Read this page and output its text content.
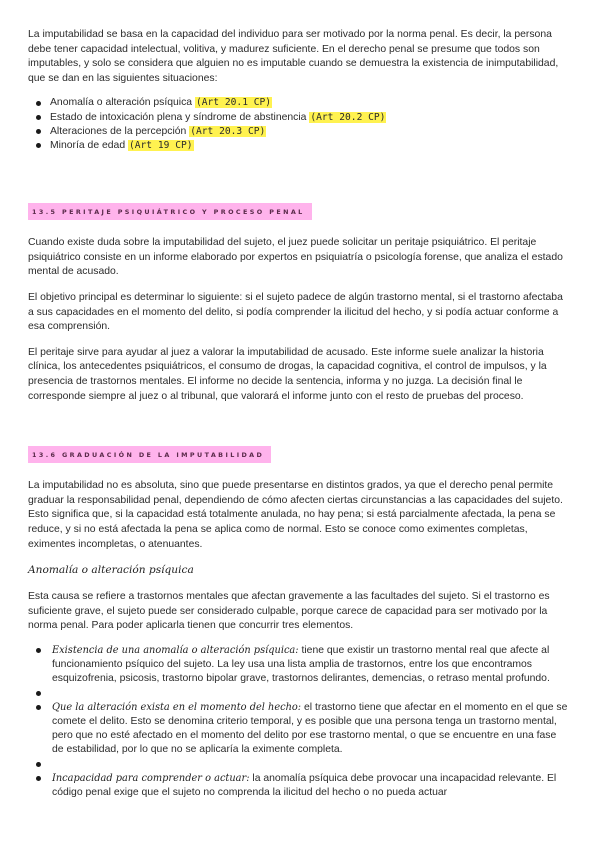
La imputabilidad se basa en la capacidad del individuo para ser motivado por la norma penal. Es decir, la persona debe tener capacidad intelectual, volitiva, y madurez suficiente. En el derecho penal se presume que todos son imputables, y solo se considera que alguien no es imputable cuando se demuestra la existencia de inimputabilidad, que se dan en las siguientes situaciones:

Anomalía o alteración psíquica (Art 20.1 CP)
Estado de intoxicación plena y síndrome de abstinencia (Art 20.2 CP)
Alteraciones de la percepción (Art 20.3 CP)
Minoría de edad (Art 19 CP)
13.5 PERITAJE PSIQUIÁTRICO Y PROCESO PENAL

Cuando existe duda sobre la imputabilidad del sujeto, el juez puede solicitar un peritaje psiquiátrico. El peritaje psiquiátrico consiste en un informe elaborado por expertos en psiquiatría o psicología forense, que analiza el estado mental de acusado.

El objetivo principal es determinar lo siguiente: si el sujeto padece de algún trastorno mental, si el trastorno afectaba a sus capacidades en el momento del delito, si podía comprender la ilicitud del hecho, y si podía actuar conforme a esa comprensión.

El peritaje sirve para ayudar al juez a valorar la imputabilidad de acusado. Este informe suele analizar la historia clínica, los antecedentes psiquiátricos, el consumo de drogas, la capacidad cognitiva, el control de impulsos, y la presencia de trastornos mentales. El informe no decide la sentencia, informa y no juzga. La decisión final le corresponde siempre al juez o al tribunal, que valorará el informe junto con el resto de pruebas del proceso.

13.6 GRADUACIÓN DE LA IMPUTABILIDAD

La imputabilidad no es absoluta, sino que puede presentarse en distintos grados, ya que el derecho penal permite graduar la responsabilidad penal, dependiendo de cómo afecten ciertas circunstancias a las capacidades del sujeto. Esto significa que, si la capacidad está totalmente anulada, no hay pena; si está parcialmente afectada, la pena se reduce, y si no está afectada la pena se aplica como de normal. Esto se conoce como eximentes completas, eximentes incompletas, o atenuantes.

Anomalía o alteración psíquica

Esta causa se refiere a trastornos mentales que afectan gravemente a las facultades del sujeto. Si el trastorno es suficiente grave, el sujeto puede ser considerado culpable, porque carece de capacidad para ser motivado por la norma penal. Para poder aplicarla tienen que concurrir tres elementos.

Existencia de una anomalía o alteración psíquica: tiene que existir un trastorno mental real que afecte al funcionamiento psíquico del sujeto. La ley usa una lista amplia de trastornos, entre los que encontramos esquizofrenia, psicosis, trastorno bipolar grave, trastornos delirantes, demencias, o retraso mental profundo.
Que la alteración exista en el momento del hecho: el trastorno tiene que afectar en el momento en el que se comete el delito. Esto se denomina criterio temporal, y es posible que una persona tenga un trastorno mental, pero que no esté afectado en el momento del delito por ese trastorno mental, o que se encuentre en una fase de estabilidad, por lo que no se aplicaría la eximente completa.
Incapacidad para comprender o actuar: la anomalía psíquica debe provocar una incapacidad relevante. El código penal exige que el sujeto no comprenda la ilicitud del hecho o no pueda actuar
